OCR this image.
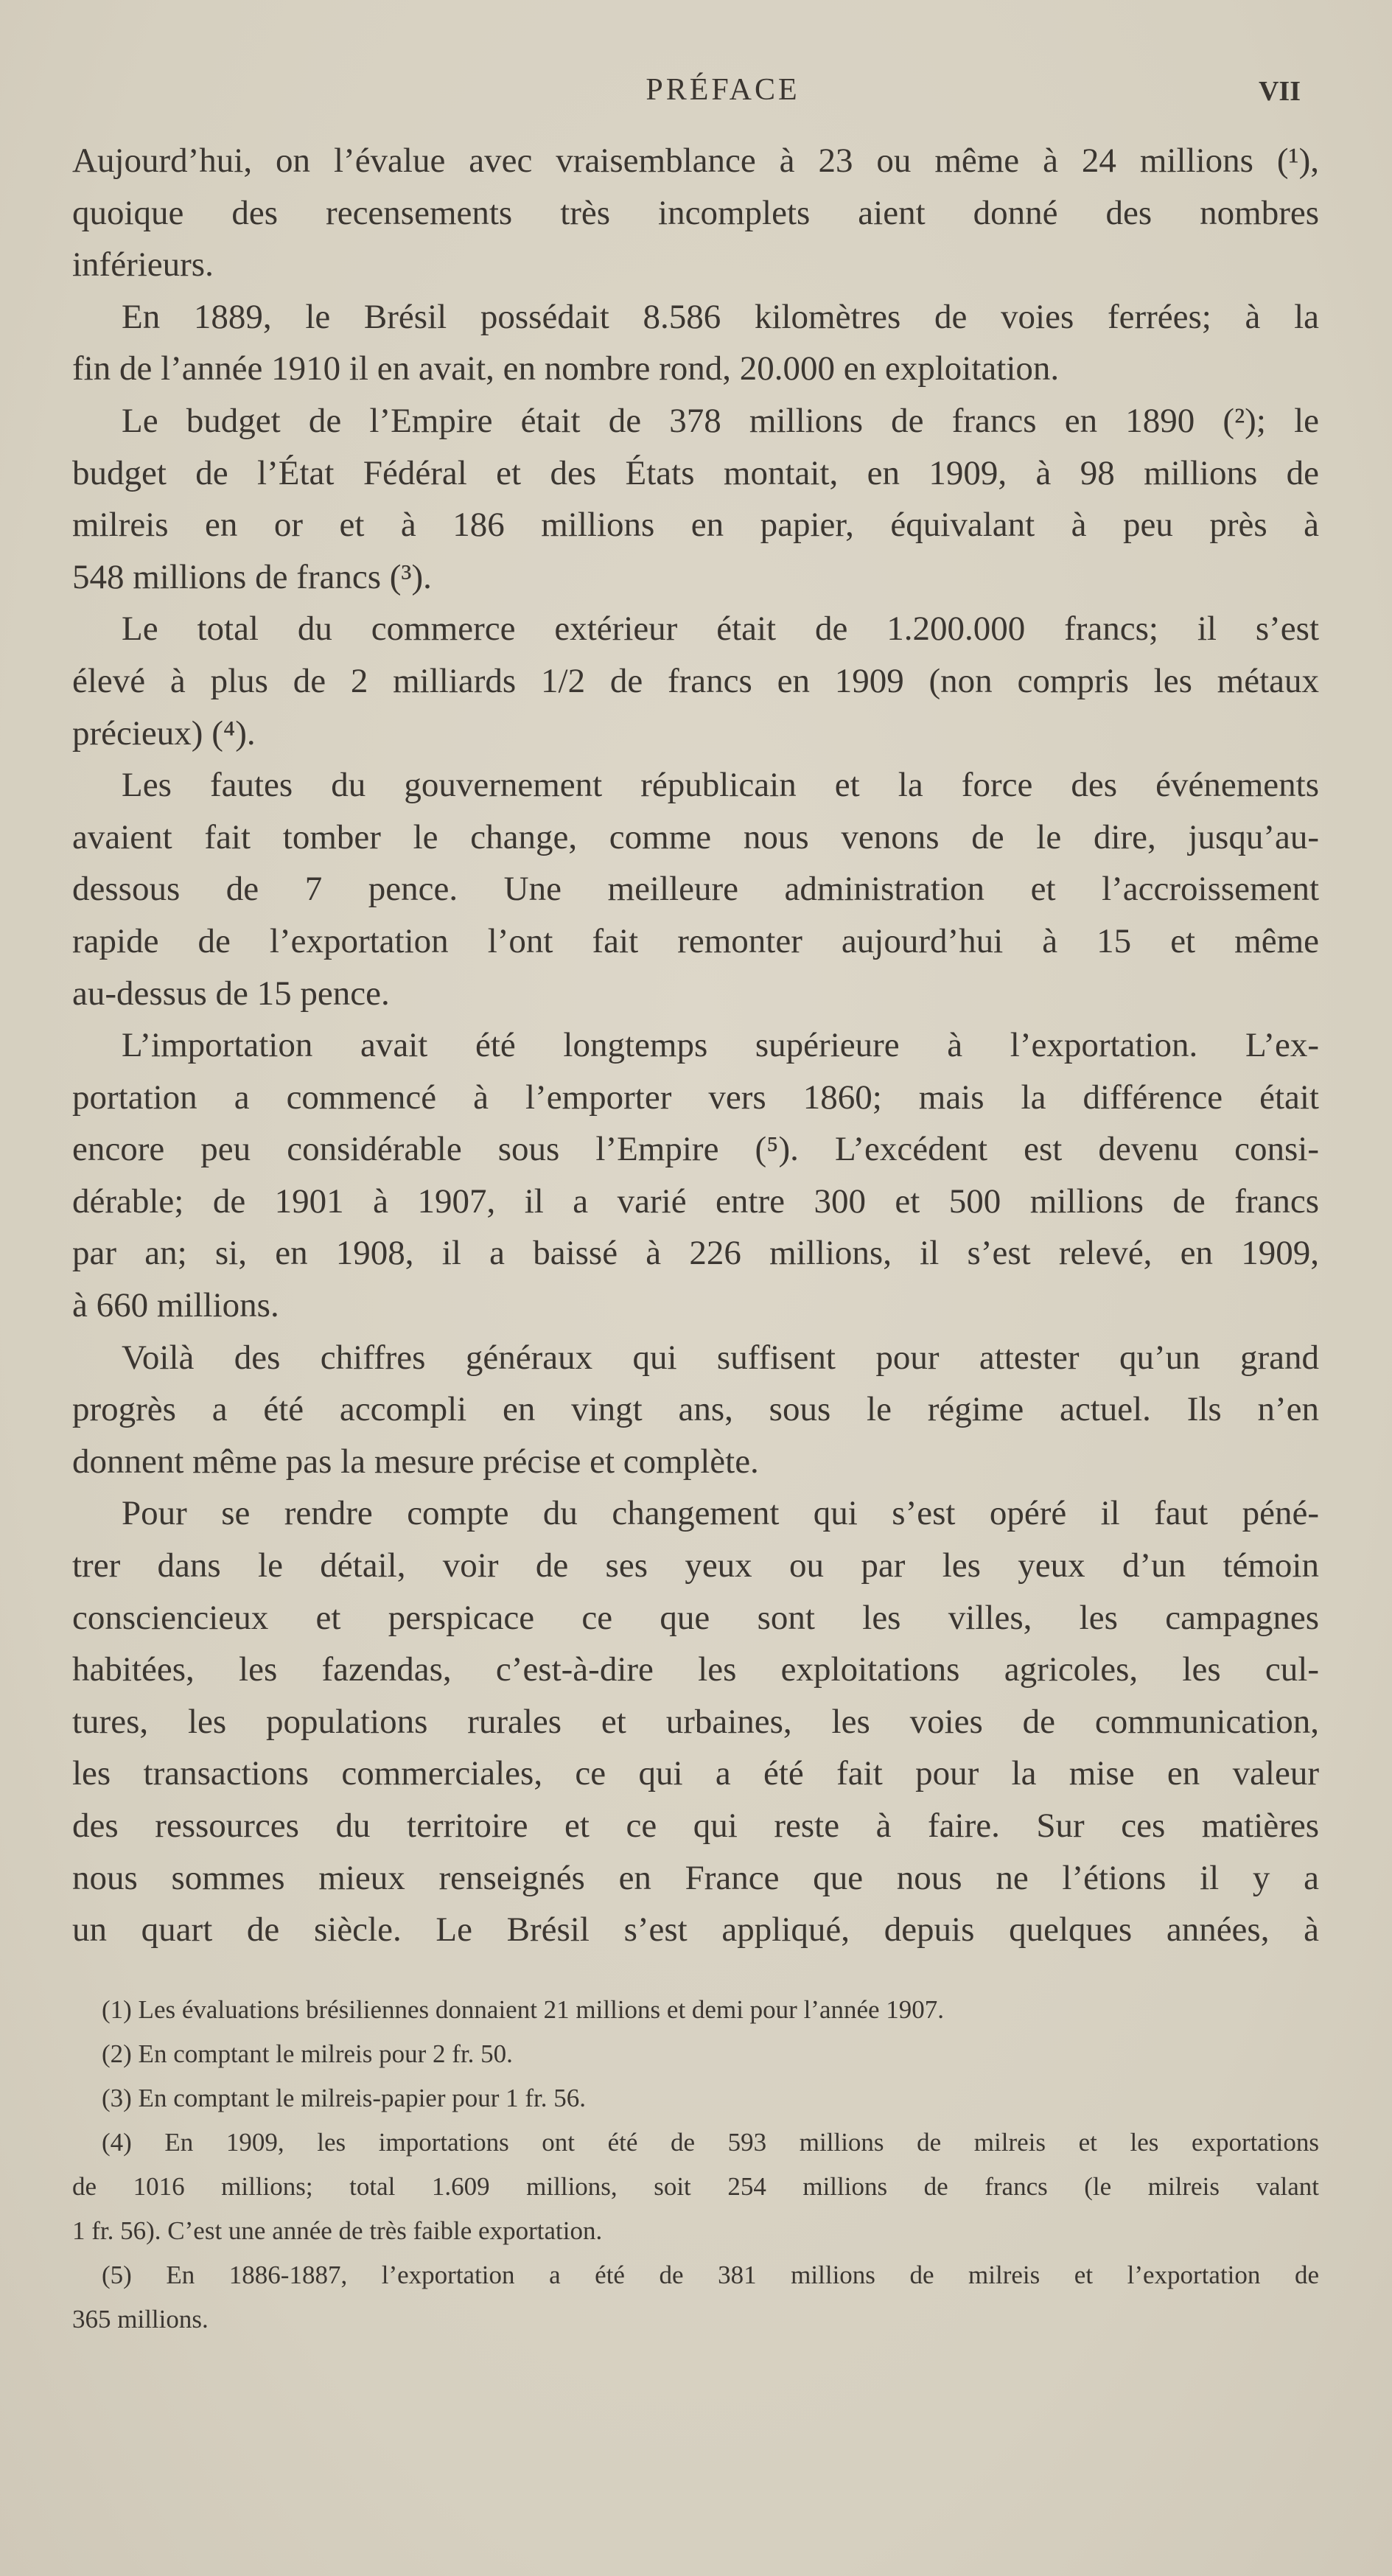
PRÉFACE	VII
Aujourd’hui, on l’évalue avec vraisemblance à 23 ou même à 24 millions (¹),
quoique des recensements très incomplets aient donné des nombres
inférieurs.
En 1889, le Brésil possédait 8.586 kilomètres de voies ferrées; à la
fin de l’année 1910 il en avait, en nombre rond, 20.000 en exploitation.
Le budget de l’Empire était de 378 millions de francs en 1890 (²); le
budget de l’État Fédéral et des États montait, en 1909, à 98 millions de
milreis en or et à 186 millions en papier, équivalant à peu près à
548 millions de francs (³).
Le total du commerce extérieur était de 1.200.000 francs; il s’est
élevé à plus de 2 milliards 1/2 de francs en 1909 (non compris les métaux
précieux) (⁴).
Les fautes du gouvernement républicain et la force des événements
avaient fait tomber le change, comme nous venons de le dire, jusqu’au-
dessous de 7 pence. Une meilleure administration et l’accroissement
rapide de l’exportation l’ont fait remonter aujourd’hui à 15 et même
au-dessus de 15 pence.
L’importation avait été longtemps supérieure à l’exportation. L’ex-
portation a commencé à l’emporter vers 1860; mais la différence était
encore peu considérable sous l’Empire (⁵). L’excédent est devenu consi-
dérable; de 1901 à 1907, il a varié entre 300 et 500 millions de francs
par an; si, en 1908, il a baissé à 226 millions, il s’est relevé, en 1909,
à 660 millions.
Voilà des chiffres généraux qui suffisent pour attester qu’un grand
progrès a été accompli en vingt ans, sous le régime actuel. Ils n’en
donnent même pas la mesure précise et complète.
Pour se rendre compte du changement qui s’est opéré il faut péné-
trer dans le détail, voir de ses yeux ou par les yeux d’un témoin
consciencieux et perspicace ce que sont les villes, les campagnes
habitées, les fazendas, c’est-à-dire les exploitations agricoles, les cul-
tures, les populations rurales et urbaines, les voies de communication,
les transactions commerciales, ce qui a été fait pour la mise en valeur
des ressources du territoire et ce qui reste à faire. Sur ces matières
nous sommes mieux renseignés en France que nous ne l’étions il y a
un quart de siècle. Le Brésil s’est appliqué, depuis quelques années, à
(1) Les évaluations brésiliennes donnaient 21 millions et demi pour l’année 1907.
(2) En comptant le milreis pour 2 fr. 50.
(3) En comptant le milreis-papier pour 1 fr. 56.
(4) En 1909, les importations ont été de 593 millions de milreis et les exportations
de 1016 millions; total 1.609 millions, soit 254 millions de francs (le milreis valant
1 fr. 56). C’est une année de très faible exportation.
(5) En 1886-1887, l’exportation a été de 381 millions de milreis et l’exportation de
365 millions.
